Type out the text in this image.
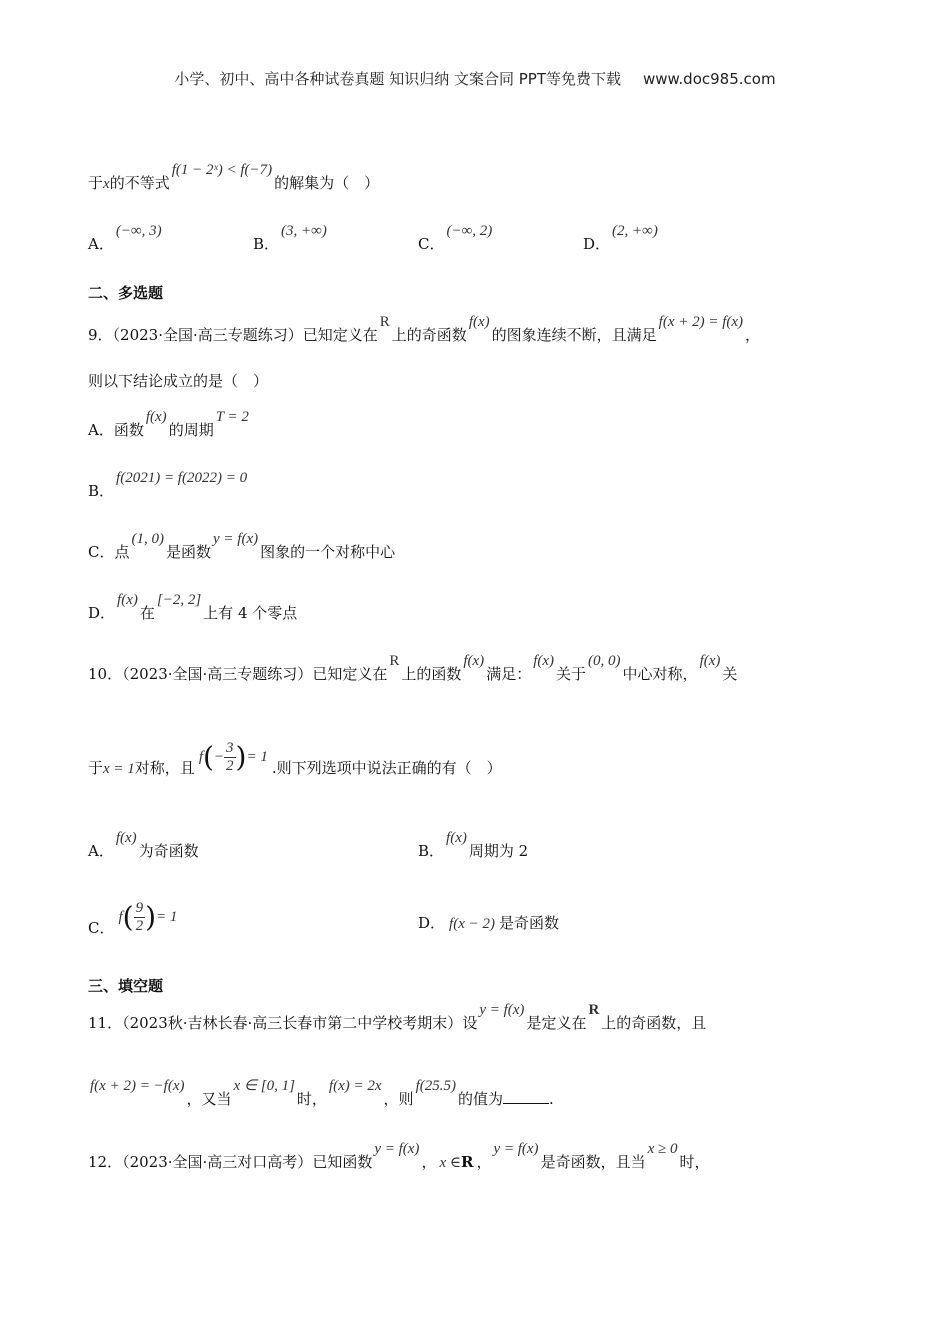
小学、初中、高中各种试卷真题 知识归纳 文案合同 PPT等免费下载 www.doc985.com
于x的不等式f(1 − 2ˣ) < f(−7)的解集为（　）
A．(−∞, 3)
B．(3, +∞)
C．(−∞, 2)
D．(2, +∞)
二、多选题
9．（2023·全国·高三专题练习）已知定义在R上的奇函数f(x)的图象连续不断，且满足f(x + 2) = f(x)，
则以下结论成立的是（　）
A．函数f(x)的周期T = 2
B．f(2021) = f(2022) = 0
C．点(1, 0)是函数y = f(x)图象的一个对称中心
D．f(x)在[−2, 2]上有 4 个零点
10．（2023·全国·高三专题练习）已知定义在R上的函数f(x)满足：f(x)关于(0, 0)中心对称，f(x)关
于x = 1对称，且$f(- \frac{3}{2}$ )= 1.则下列选项中说法正确的有（　）
A．f(x)为奇函数	B．f(x)周期为 2
C．$f( \frac{9}{2}$ )= 1	D． f(x − 2) 是奇函数
三、填空题
11．（2023秋·吉林长春·高三长春市第二中学校考期末）设y = f(x)是定义在R上的奇函数，且
f(x + 2) = −f(x)，又当x ∈ [0, 1]时，f(x) = 2x，则f(25.5)的值为	.
12．（2023·全国·高三对口高考）已知函数y = f(x)， x ∈R ，y = f(x)是奇函数，且当x ≥ 0时，
